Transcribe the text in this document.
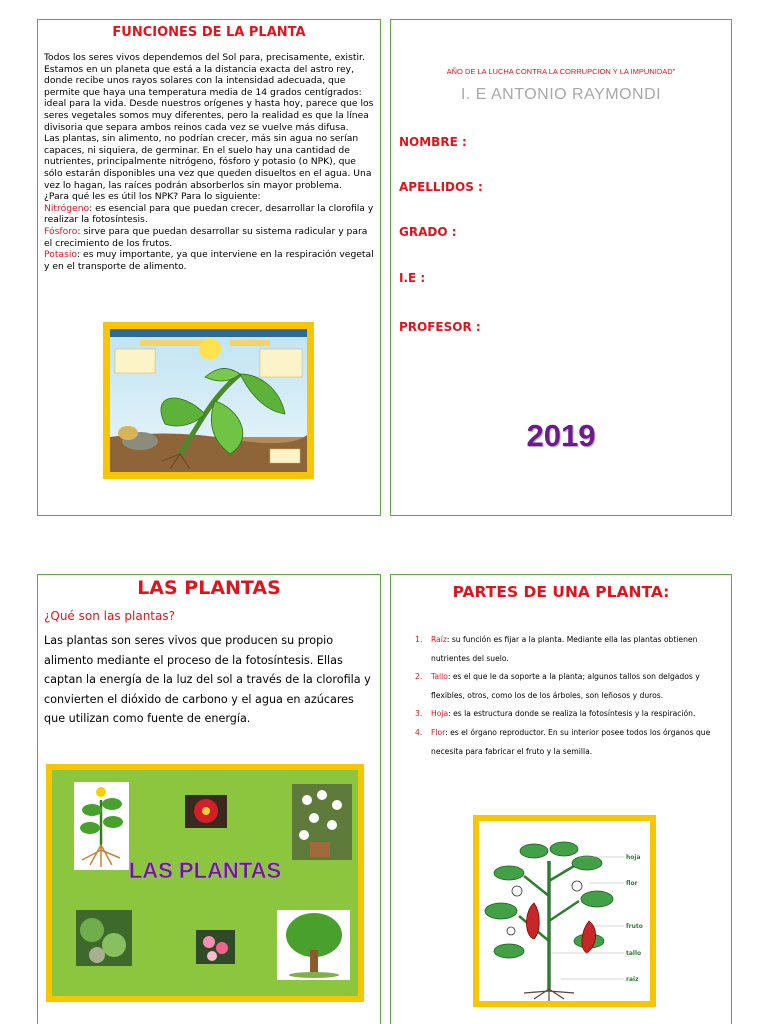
FUNCIONES DE LA PLANTA

Todos los seres vivos dependemos del Sol para, precisamente, existir. Estamos en un planeta que está a la distancia exacta del astro rey, donde recibe unos rayos solares con la intensidad adecuada, que permite que haya una temperatura media de 14 grados centígrados: ideal para la vida. Desde nuestros orígenes y hasta hoy, parece que los seres vegetales somos muy diferentes, pero la realidad es que la línea divisoria que separa ambos reinos cada vez se vuelve más difusa.

Las plantas, sin alimento, no podrían crecer, más sin agua no serían capaces, ni siquiera, de germinar. En el suelo hay una cantidad de nutrientes, principalmente nitrógeno, fósforo y potasio (o NPK), que sólo estarán disponibles una vez que queden disueltos en el agua. Una vez lo hagan, las raíces podrán absorberlos sin mayor problema.

¿Para qué les es útil los NPK? Para lo siguiente:

Nitrógeno: es esencial para que puedan crecer, desarrollar la clorofila y realizar la fotosíntesis.

Fósforo: sirve para que puedan desarrollar su sistema radicular y para el crecimiento de los frutos.

Potasio: es muy importante, ya que interviene en la respiración vegetal y en el transporte de alimento.

AÑO DE LA LUCHA CONTRA LA CORRUPCION Y LA IMPUNIDAD"
I. E ANTONIO RAYMONDI
NOMBRE :
APELLIDOS :
GRADO :
I.E :
PROFESOR :
2019
LAS PLANTAS
¿Qué son las plantas?
Las plantas son seres vivos que producen su propio alimento mediante el proceso de la fotosíntesis. Ellas captan la energía de la luz del sol a través de la clorofila y convierten el dióxido de carbono y el agua en azúcares que utilizan como fuente de energía.
LAS PLANTAS
PARTES DE UNA PLANTA:
1. Raíz: su función es fijar a la planta. Mediante ella las plantas obtienen nutrientes del suelo.
2. Tallo: es el que le da soporte a la planta; algunos tallos son delgados y flexibles, otros, como los de los árboles, son leñosos y duros.
3. Hoja: es la estructura donde se realiza la fotosíntesis y la respiración.
4. Flor: es el órgano reproductor. En su interior posee todos los órganos que necesita para fabricar el fruto y la semilla.
hoja
flor
fruto
tallo
raiz
